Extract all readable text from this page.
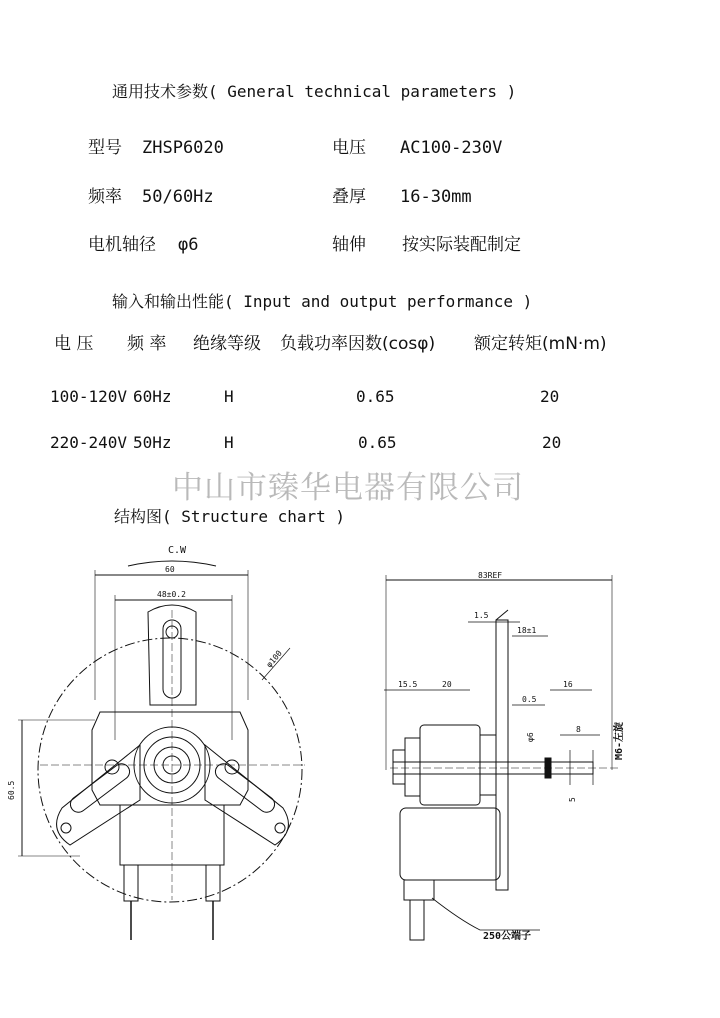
通用技术参数( General technical parameters )
型号 ZHSP6020	电压 AC100-230V
频率 50/60Hz	叠厚 16-30mm
电机轴径 φ6	轴伸 按实际装配制定
输入和输出性能( Input and output performance )
电 压 频 率 绝缘等级 负载功率因数(cosφ) 额定转矩(mN·m)
100-120V 60Hz	H	0.65	20
220-240V 50Hz	H	0.65	20
中山市臻华电器有限公司
结构图( Structure chart )
C.W
60
48±0.2
φ100
60.5
83REF
1.5
18±1
15.5	20
0.5
16
φ6
8	M6-左旋
5
250公端子
